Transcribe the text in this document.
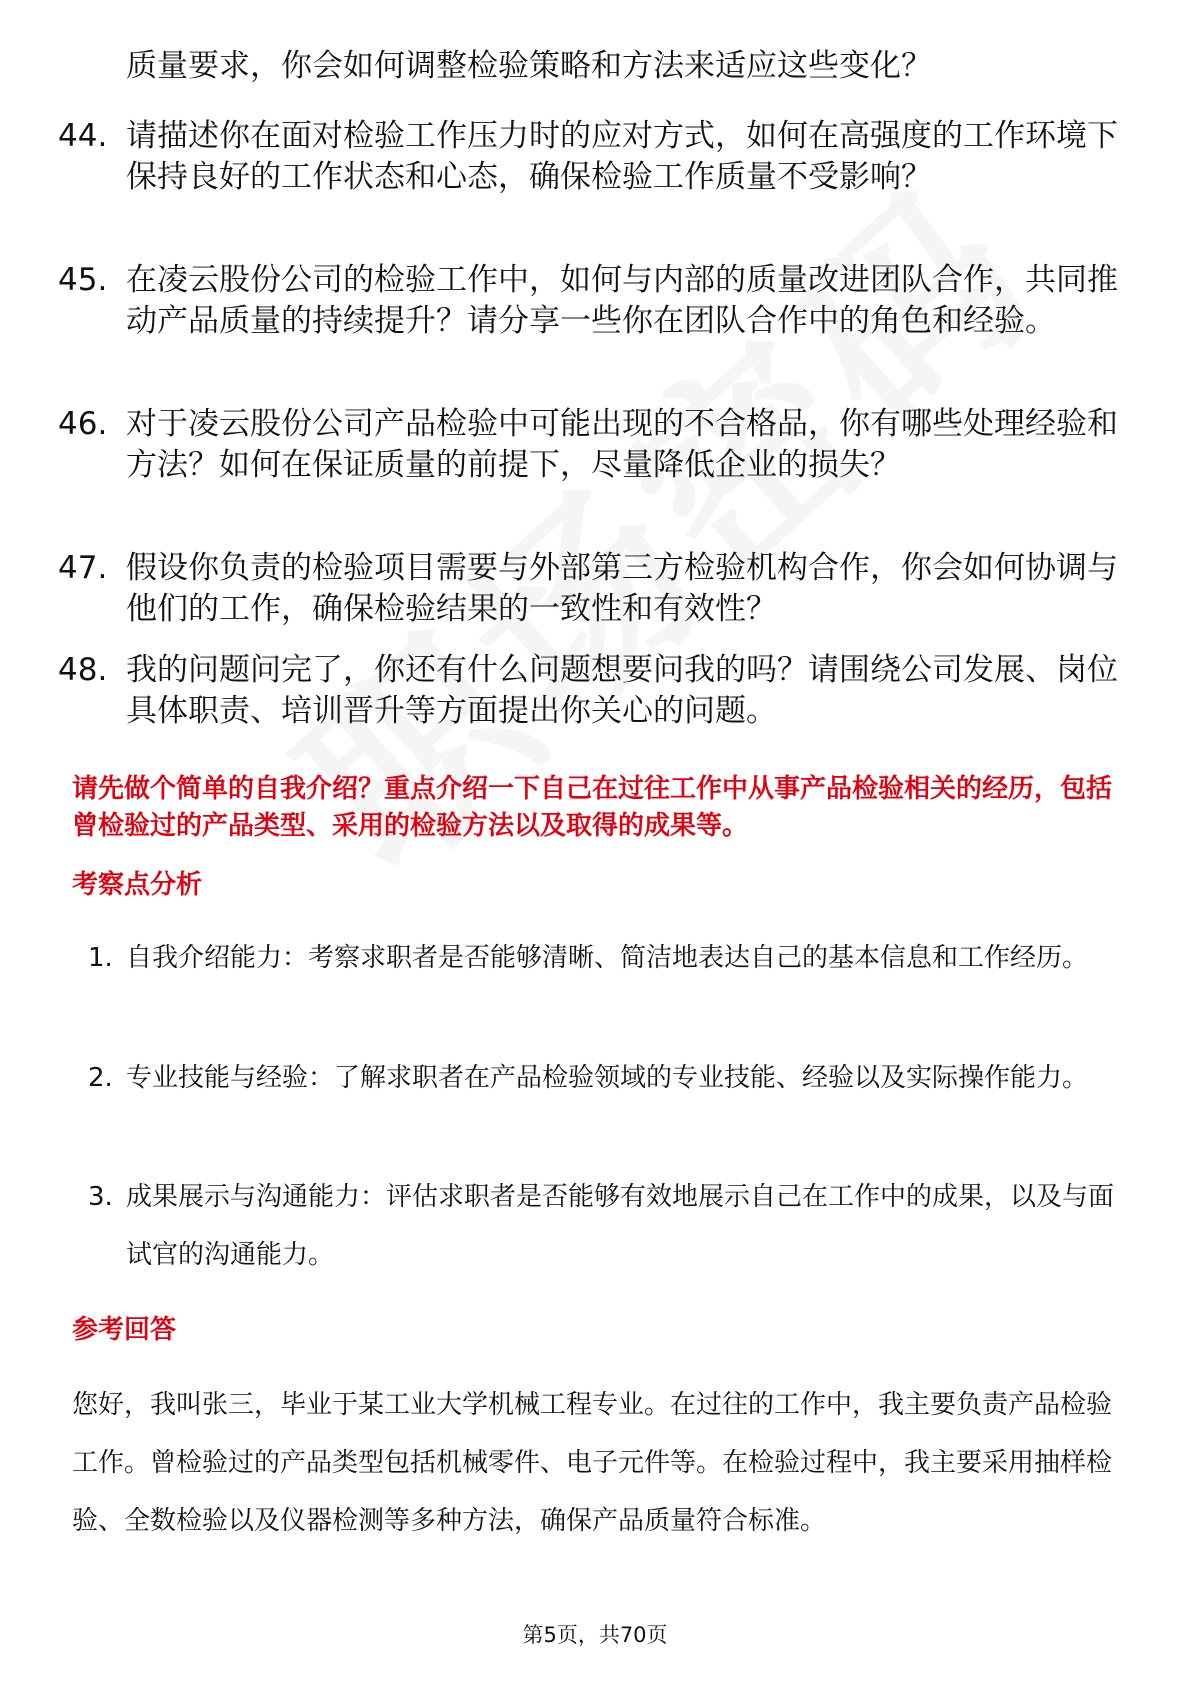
质量要求，你会如何调整检验策略和方法来适应这些变化？
44. 请描述你在面对检验工作压力时的应对方式，如何在高强度的工作环境下保持良好的工作状态和心态，确保检验工作质量不受影响？
45. 在凌云股份公司的检验工作中，如何与内部的质量改进团队合作，共同推动产品质量的持续提升？请分享一些你在团队合作中的角色和经验。
46. 对于凌云股份公司产品检验中可能出现的不合格品，你有哪些处理经验和方法？如何在保证质量的前提下，尽量降低企业的损失？
47. 假设你负责的检验项目需要与外部第三方检验机构合作，你会如何协调与他们的工作，确保检验结果的一致性和有效性？
48. 我的问题问完了，你还有什么问题想要问我的吗？请围绕公司发展、岗位具体职责、培训晋升等方面提出你关心的问题。
请先做个简单的自我介绍？重点介绍一下自己在过往工作中从事产品检验相关的经历，包括曾检验过的产品类型、采用的检验方法以及取得的成果等。
考察点分析
1. 自我介绍能力：考察求职者是否能够清晰、简洁地表达自己的基本信息和工作经历。
2. 专业技能与经验：了解求职者在产品检验领域的专业技能、经验以及实际操作能力。
3. 成果展示与沟通能力：评估求职者是否能够有效地展示自己在工作中的成果，以及与面试官的沟通能力。
参考回答
您好，我叫张三，毕业于某工业大学机械工程专业。在过往的工作中，我主要负责产品检验工作。曾检验过的产品类型包括机械零件、电子元件等。在检验过程中，我主要采用抽样检验、全数检验以及仪器检测等多种方法，确保产品质量符合标准。
第5页，共70页
